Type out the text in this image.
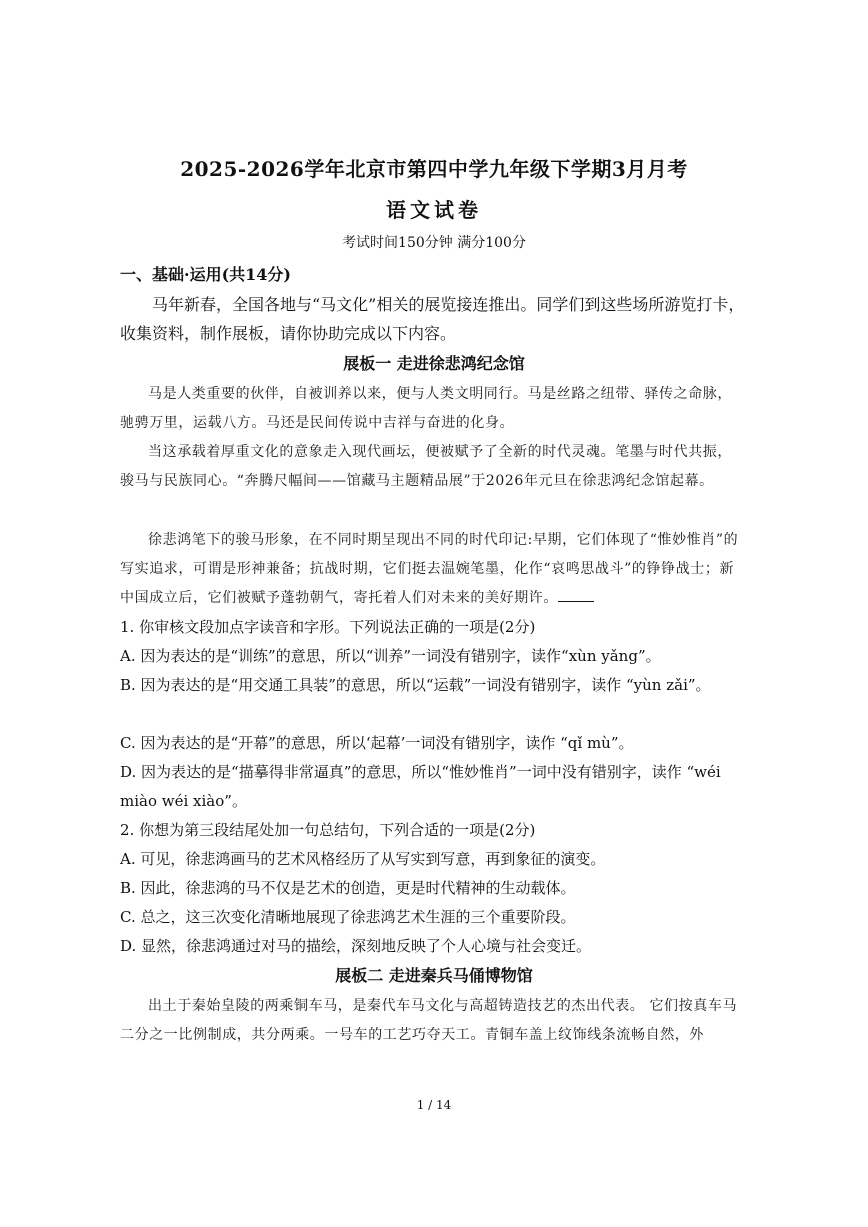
2025-2026学年北京市第四中学九年级下学期3月月考
语文试卷
考试时间150分钟 满分100分
一、基础·运用(共14分)
马年新春，全国各地与“马文化”相关的展览接连推出。同学们到这些场所游览打卡，收集资料，制作展板，请你协助完成以下内容。
展板一 走进徐悲鸿纪念馆
马是人类重要的伙伴，自被训养以来，便与人类文明同行。马是丝路之纽带、驿传之命脉，驰骋万里，运载八方。马还是民间传说中吉祥与奋进的化身。
当这承载着厚重文化的意象走入现代画坛，便被赋予了全新的时代灵魂。笔墨与时代共振，骏马与民族同心。“奔腾尺幅间——馆藏马主题精品展”于2026年元旦在徐悲鸿纪念馆起幕。
徐悲鸿笔下的骏马形象，在不同时期呈现出不同的时代印记:早期，它们体现了“惟妙惟肖”的写实追求，可谓是形神兼备；抗战时期，它们挺去温婉笔墨，化作“哀鸣思战斗”的铮铮战士；新中国成立后，它们被赋予蓬勃朝气，寄托着人们对未来的美好期许。
1. 你审核文段加点字读音和字形。下列说法正确的一项是(2分)
A. 因为表达的是“训练”的意思，所以“训养”一词没有错别字，读作“xùn yǎng”。
B. 因为表达的是“用交通工具装”的意思，所以“运载”一词没有错别字，读作 “yùn zǎi”。
C. 因为表达的是“开幕”的意思，所以‘起幕’一词没有错别字，读作 “qǐ mù”。
D. 因为表达的是“描摹得非常逼真”的意思，所以“惟妙惟肖”一词中没有错别字，读作 “wéi miào wéi xiào”。
2. 你想为第三段结尾处加一句总结句，下列合适的一项是(2分)
A. 可见，徐悲鸿画马的艺术风格经历了从写实到写意，再到象征的演变。
B. 因此，徐悲鸿的马不仅是艺术的创造，更是时代精神的生动载体。
C. 总之，这三次变化清晰地展现了徐悲鸿艺术生涯的三个重要阶段。
D. 显然，徐悲鸿通过对马的描绘，深刻地反映了个人心境与社会变迁。
展板二 走进秦兵马俑博物馆
出土于秦始皇陵的两乘铜车马，是秦代车马文化与高超铸造技艺的杰出代表。 它们按真车马二分之一比例制成，共分两乘。一号车的工艺巧夺天工。青铜车盖上纹饰线条流畅自然，外
1 / 14
